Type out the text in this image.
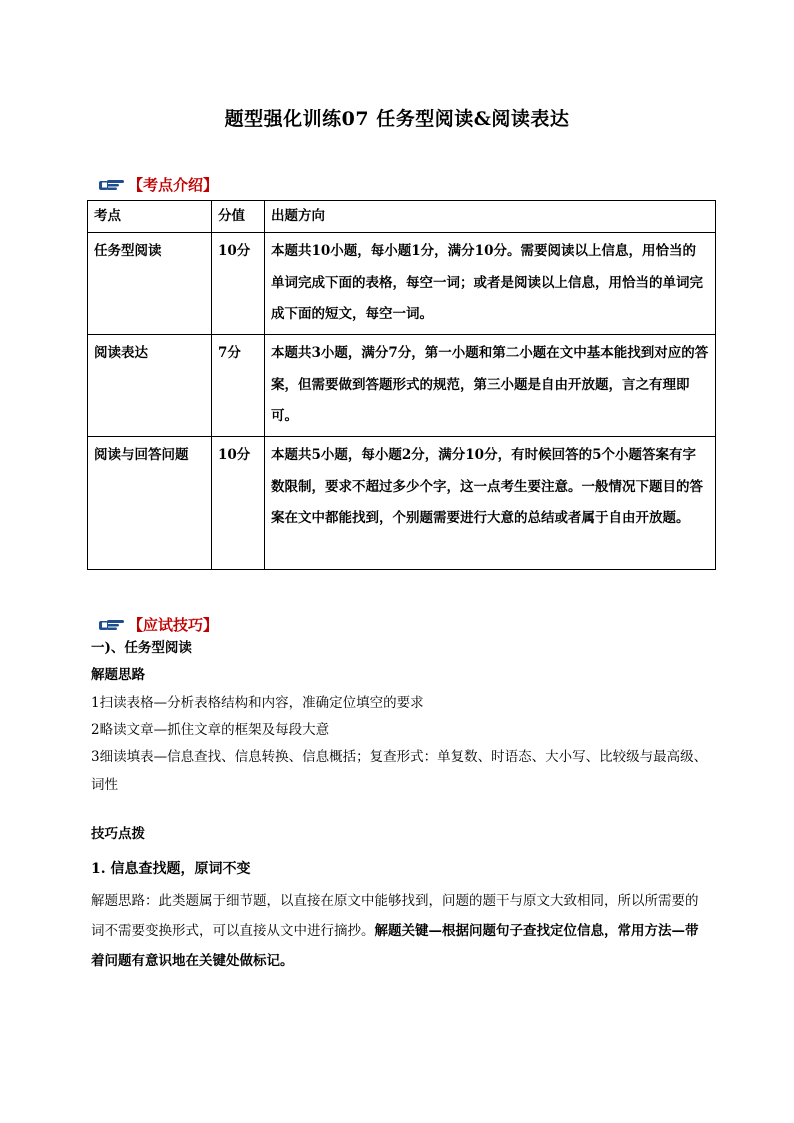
题型强化训练07 任务型阅读&阅读表达
【考点介绍】
考点	分值	出题方向
任务型阅读	10分	本题共10小题，每小题1分，满分10分。需要阅读以上信息，用恰当的单词完成下面的表格，每空一词；或者是阅读以上信息，用恰当的单词完成下面的短文，每空一词。
阅读表达	7分	本题共3小题，满分7分，第一小题和第二小题在文中基本能找到对应的答案，但需要做到答题形式的规范，第三小题是自由开放题，言之有理即可。
阅读与回答问题	10分	本题共5小题，每小题2分，满分10分，有时候回答的5个小题答案有字数限制，要求不超过多少个字，这一点考生要注意。一般情况下题目的答案在文中都能找到，个别题需要进行大意的总结或者属于自由开放题。
【应试技巧】
一)、任务型阅读
解题思路
1扫读表格—分析表格结构和内容，准确定位填空的要求
2略读文章—抓住文章的框架及每段大意
3细读填表—信息查找、信息转换、信息概括；复查形式：单复数、时语态、大小写、比较级与最高级、词性
技巧点拨
1. 信息查找题，原词不变
解题思路：此类题属于细节题，以直接在原文中能够找到，问题的题干与原文大致相同，所以所需要的词不需要变换形式，可以直接从文中进行摘抄。解题关键—根据问题句子查找定位信息，常用方法—带着问题有意识地在关键处做标记。
